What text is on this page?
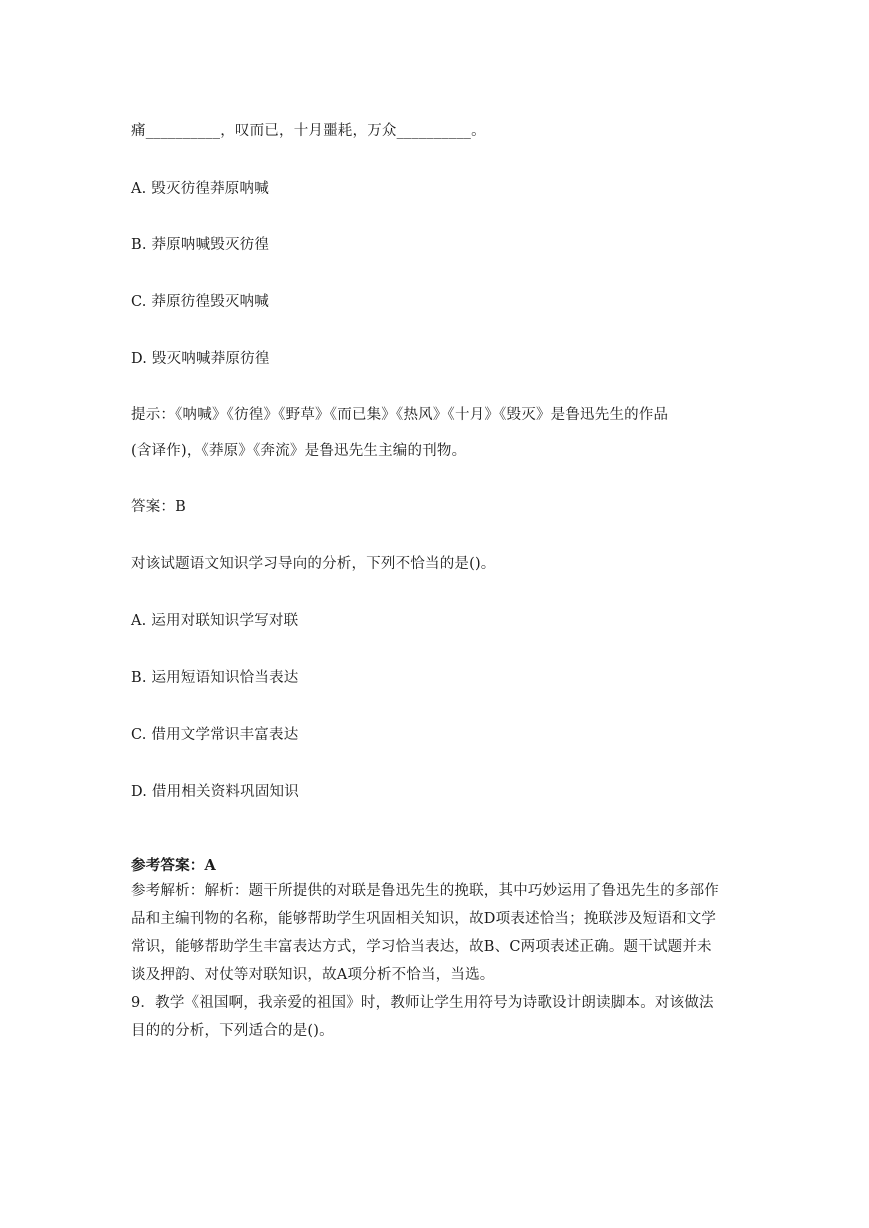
痛__________，叹而已，十月噩耗，万众__________。
A. 毁灭彷徨莽原呐喊
B. 莽原呐喊毁灭彷徨
C. 莽原彷徨毁灭呐喊
D. 毁灭呐喊莽原彷徨
提示：《呐喊》《彷徨》《野草》《而已集》《热风》《十月》《毁灭》是鲁迅先生的作品
(含译作)，《莽原》《奔流》是鲁迅先生主编的刊物。
答案：B
对该试题语文知识学习导向的分析，下列不恰当的是()。
A. 运用对联知识学写对联
B. 运用短语知识恰当表达
C. 借用文学常识丰富表达
D. 借用相关资料巩固知识
参考答案：A
参考解析：解析：题干所提供的对联是鲁迅先生的挽联，其中巧妙运用了鲁迅先生的多部作
品和主编刊物的名称，能够帮助学生巩固相关知识，故D项表述恰当；挽联涉及短语和文学
常识，能够帮助学生丰富表达方式，学习恰当表达，故B、C两项表述正确。题干试题并未
谈及押韵、对仗等对联知识，故A项分析不恰当，当选。
9．教学《祖国啊，我亲爱的祖国》时，教师让学生用符号为诗歌设计朗读脚本。对该做法
目的的分析，下列适合的是()。
